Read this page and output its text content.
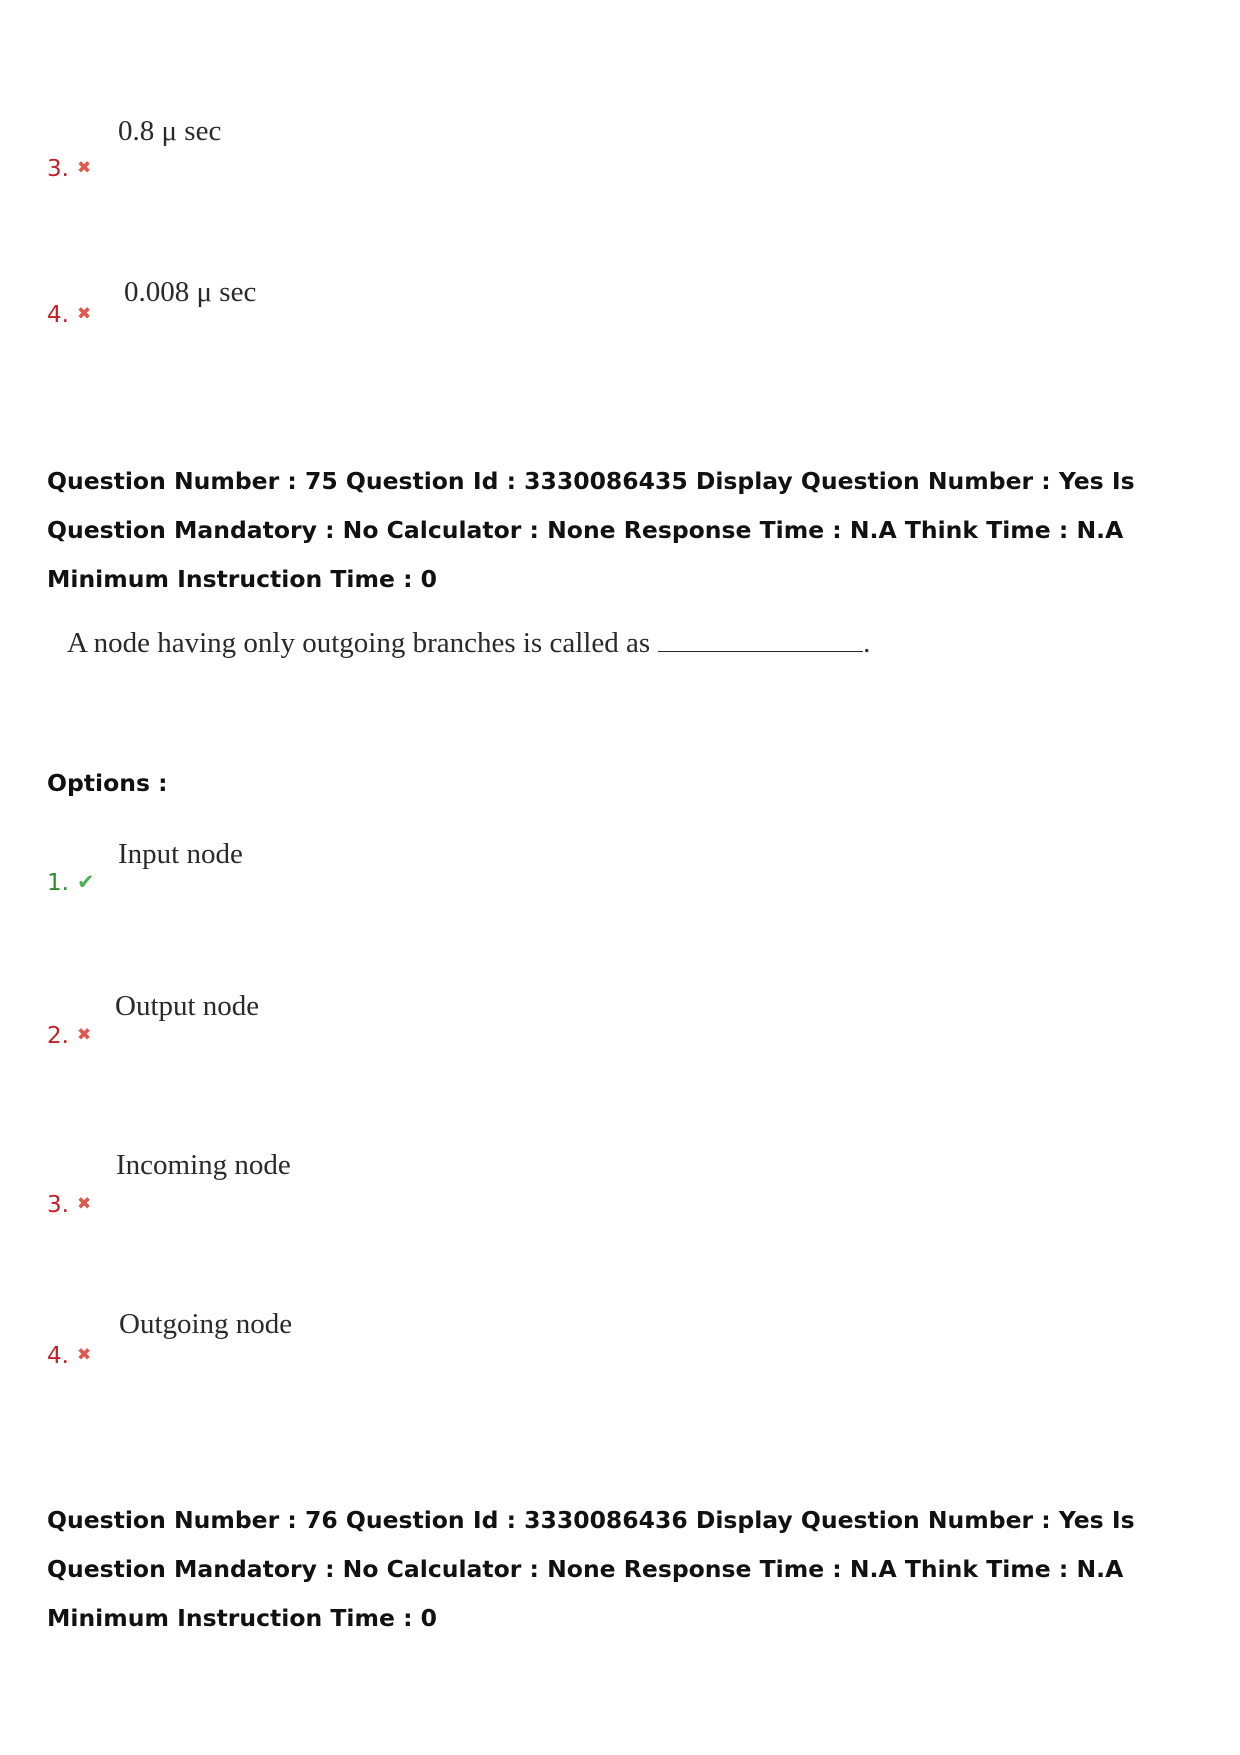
0.8 μ sec
3. ✖
0.008 μ sec
4. ✖
Question Number : 75 Question Id : 3330086435 Display Question Number : Yes Is Question Mandatory : No Calculator : None Response Time : N.A Think Time : N.A Minimum Instruction Time : 0
A node having only outgoing branches is called as	.
Options :
Input node
1. ✔
Output node
2. ✖
Incoming node
3. ✖
Outgoing node
4. ✖
Question Number : 76 Question Id : 3330086436 Display Question Number : Yes Is Question Mandatory : No Calculator : None Response Time : N.A Think Time : N.A Minimum Instruction Time : 0
